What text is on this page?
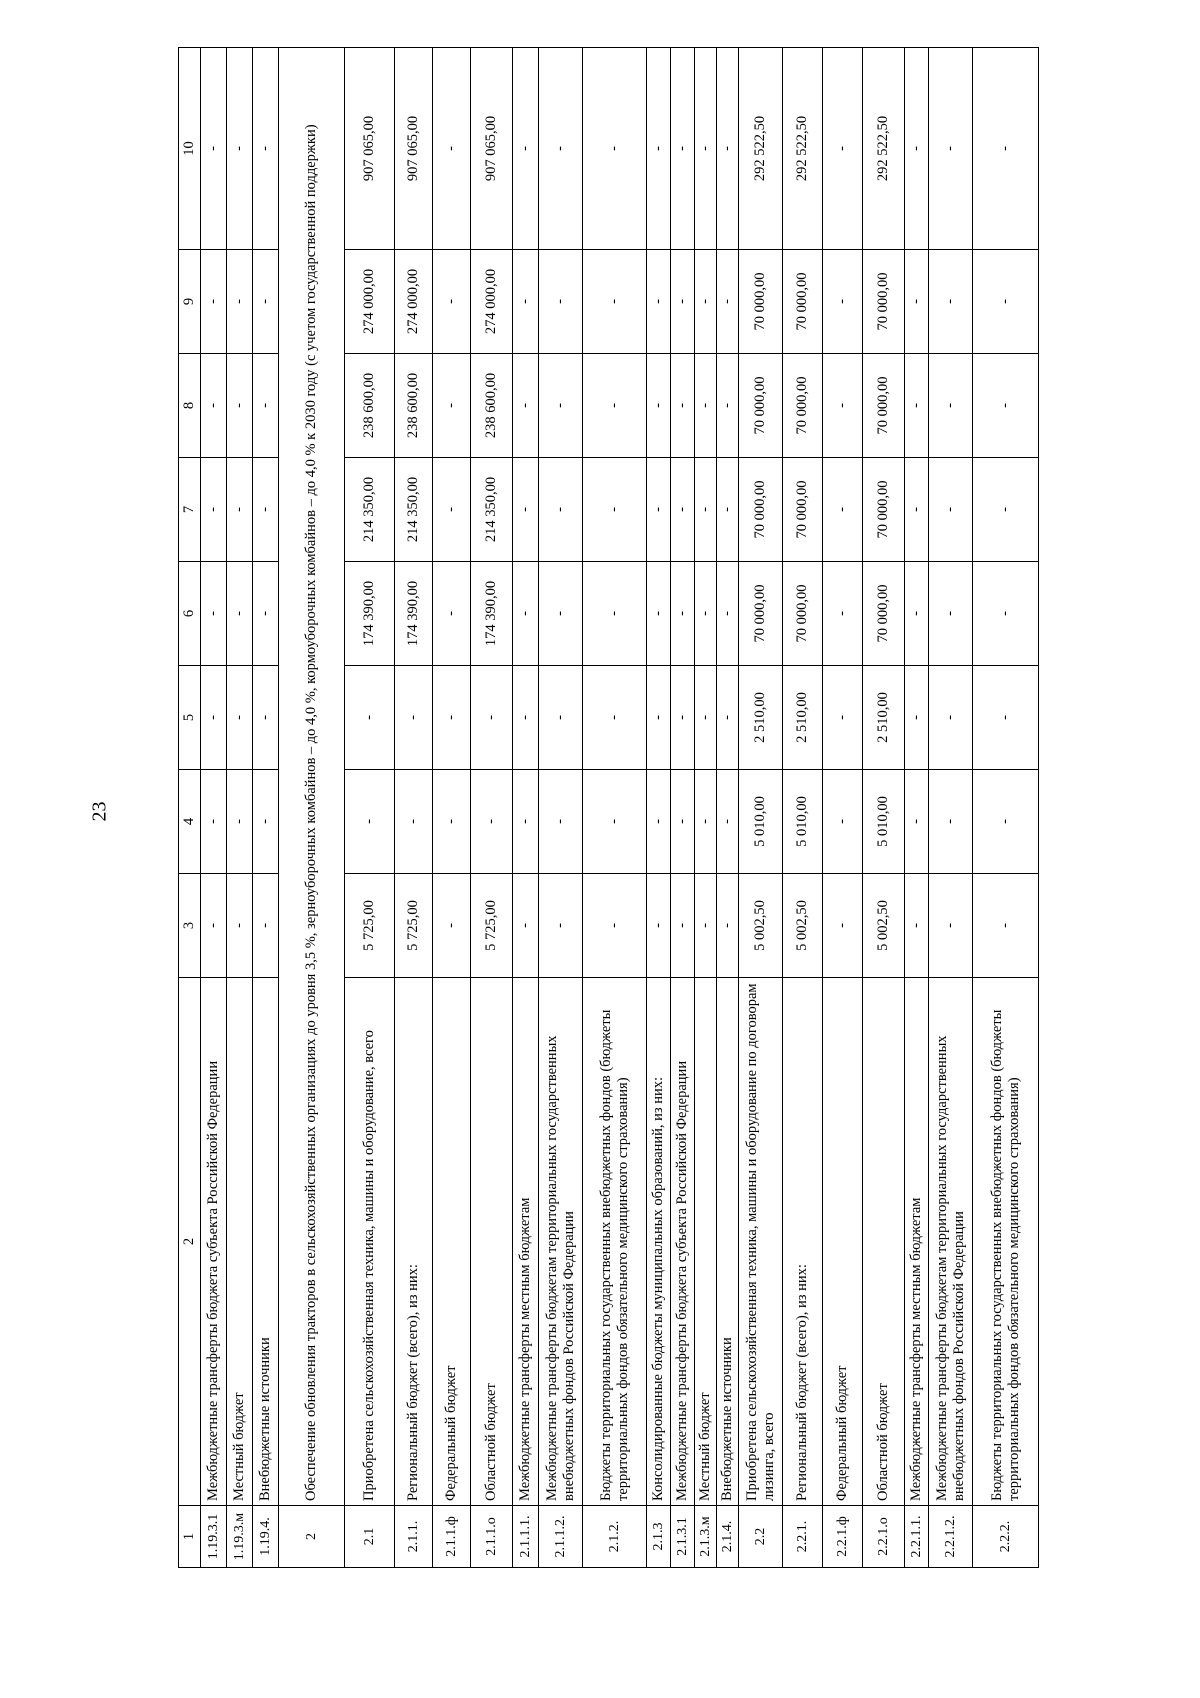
23
1	2	3	4	5	6	7	8	9	10
1.19.3.1	Межбюджетные трансферты бюджета субъекта Российской Федерации	-	-	-	-	-	-	-	-
1.19.3.м	Местный бюджет	-	-	-	-	-	-	-	-
1.19.4.	Внебюджетные источники	-	-	-	-	-	-	-	-
2	Обеспечение обновления тракторов в сельскохозяйственных организациях до уровня 3,5 %, зерноуборочных комбайнов – до 4,0 %, кормоуборочных комбайнов – до 4,0 % к 2030 году (с учетом государственной поддержки)								
2.1	Приобретена сельскохозяйственная техника, машины и оборудование, всего	5 725,00	-	-	174 390,00	214 350,00	238 600,00	274 000,00	907 065,00
2.1.1.	Региональный бюджет (всего), из них:	5 725,00	-	-	174 390,00	214 350,00	238 600,00	274 000,00	907 065,00
2.1.1.ф	Федеральный бюджет	-	-	-	-	-	-	-	-
2.1.1.о	Областной бюджет	5 725,00	-	-	174 390,00	214 350,00	238 600,00	274 000,00	907 065,00
2.1.1.1.	Межбюджетные трансферты местным бюджетам	-	-	-	-	-	-	-	-
2.1.1.2.	Межбюджетные трансферты бюджетам территориальных государственных внебюджетных фондов Российской Федерации	-	-	-	-	-	-	-	-
2.1.2.	Бюджеты территориальных государственных внебюджетных фондов (бюджеты территориальных фондов обязательного медицинского страхования)	-	-	-	-	-	-	-	-
2.1.3	Консолидированные бюджеты муниципальных образований, из них:	-	-	-	-	-	-	-	-
2.1.3.1	Межбюджетные трансферты бюджета субъекта Российской Федерации	-	-	-	-	-	-	-	-
2.1.3.м	Местный бюджет	-	-	-	-	-	-	-	-
2.1.4.	Внебюджетные источники	-	-	-	-	-	-	-	-
2.2	Приобретена сельскохозяйственная техника, машины и оборудование по договорам лизинга, всего	5 002,50	5 010,00	2 510,00	70 000,00	70 000,00	70 000,00	70 000,00	292 522,50
2.2.1.	Региональный бюджет (всего), из них:	5 002,50	5 010,00	2 510,00	70 000,00	70 000,00	70 000,00	70 000,00	292 522,50
2.2.1.ф	Федеральный бюджет	-	-	-	-	-	-	-	-
2.2.1.о	Областной бюджет	5 002,50	5 010,00	2 510,00	70 000,00	70 000,00	70 000,00	70 000,00	292 522,50
2.2.1.1.	Межбюджетные трансферты местным бюджетам	-	-	-	-	-	-	-	-
2.2.1.2.	Межбюджетные трансферты бюджетам территориальных государственных внебюджетных фондов Российской Федерации	-	-	-	-	-	-	-	-
2.2.2.	Бюджеты территориальных государственных внебюджетных фондов (бюджеты территориальных фондов обязательного медицинского страхования)	-	-	-	-	-	-	-	-
